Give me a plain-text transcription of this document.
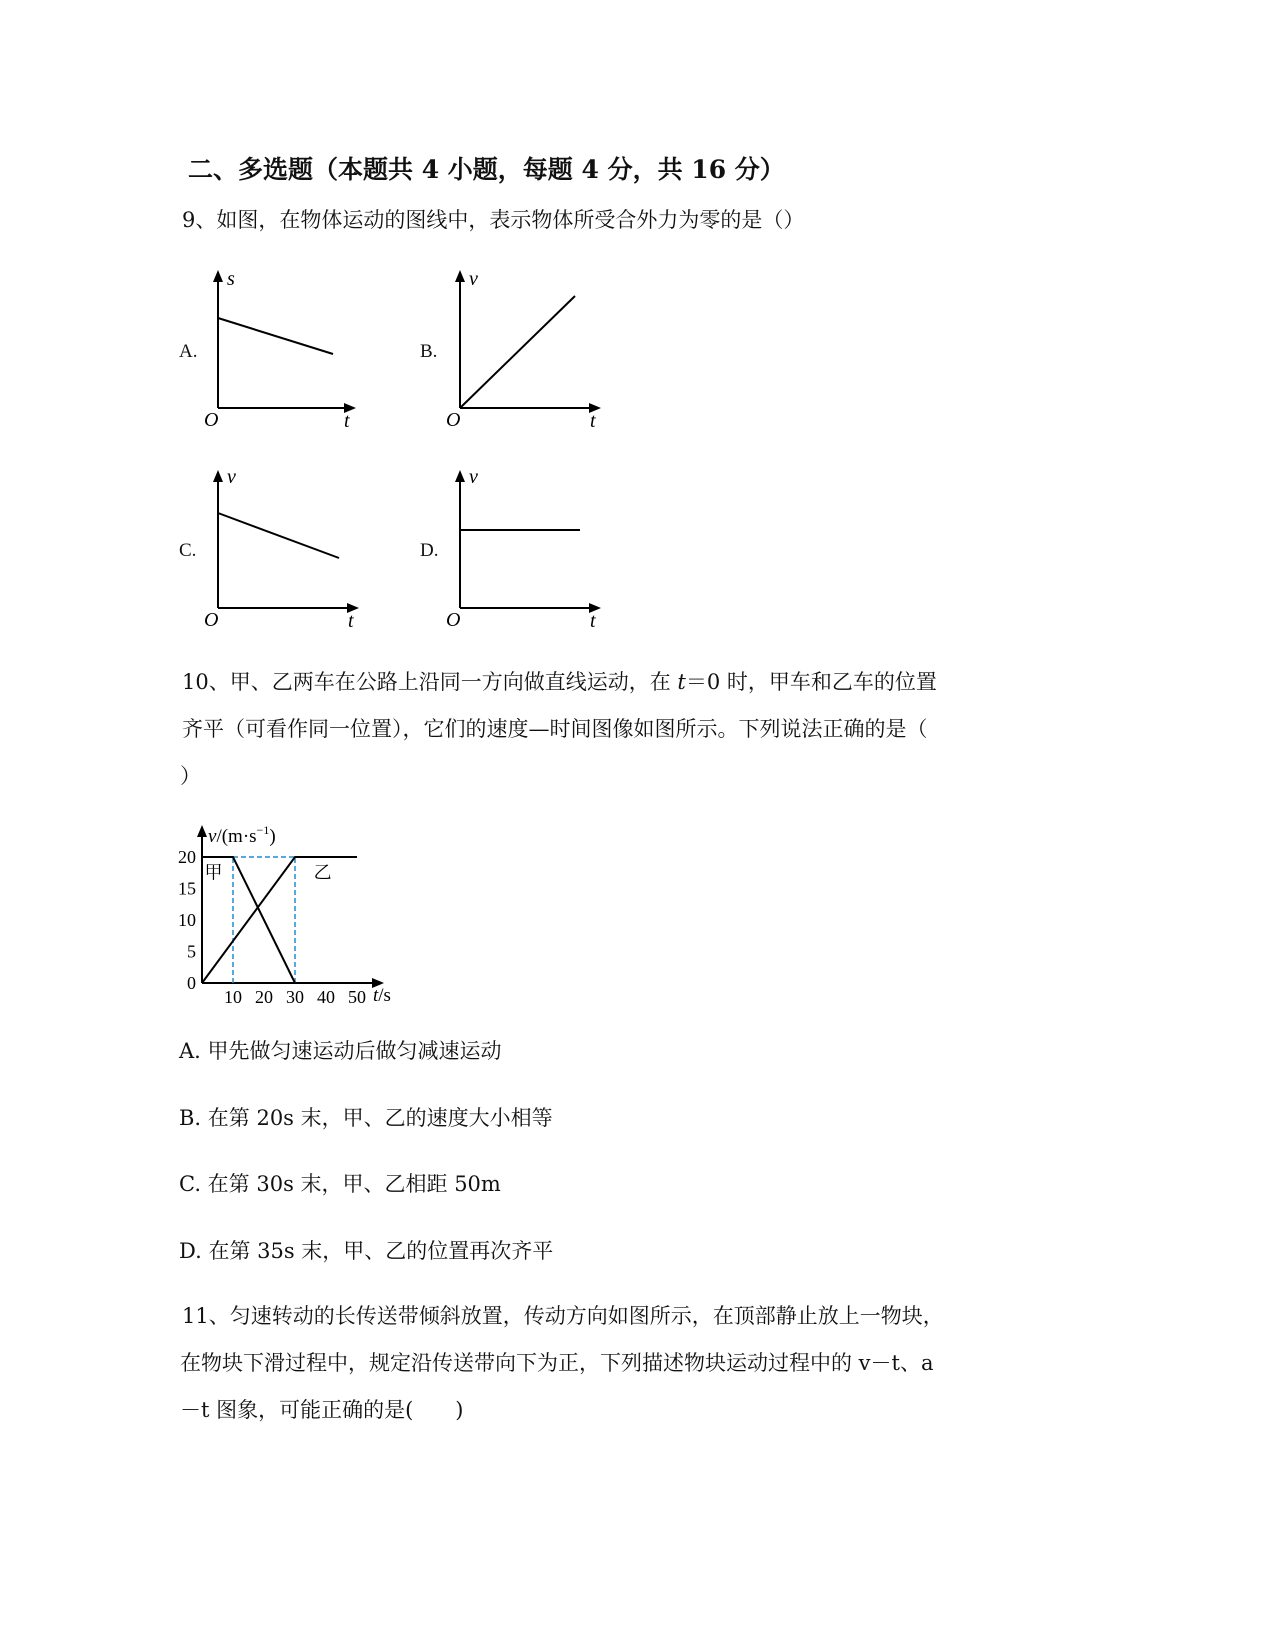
二、多选题（本题共 4 小题，每题 4 分，共 16 分）
9、如图，在物体运动的图线中，表示物体所受合外力为零的是（）
A.
s
t
O
B.
v
t
O
C.
v
t
O
D.
v
t
O
10、甲、乙两车在公路上沿同一方向做直线运动，在 t＝0 时，甲车和乙车的位置
齐平（可看作同一位置），它们的速度—时间图像如图所示。下列说法正确的是（
）
$v/(m\cdot s^{-1})$
t/s
0
5
10
15
20
10 20 30 40 50
甲	乙
A. 甲先做匀速运动后做匀减速运动
B. 在第 20s 末，甲、乙的速度大小相等
C. 在第 30s 末，甲、乙相距 50m
D. 在第 35s 末，甲、乙的位置再次齐平
11、匀速转动的长传送带倾斜放置，传动方向如图所示，在顶部静止放上一物块，
在物块下滑过程中，规定沿传送带向下为正，下列描述物块运动过程中的 v－t、a
－t 图象，可能正确的是(　　)
